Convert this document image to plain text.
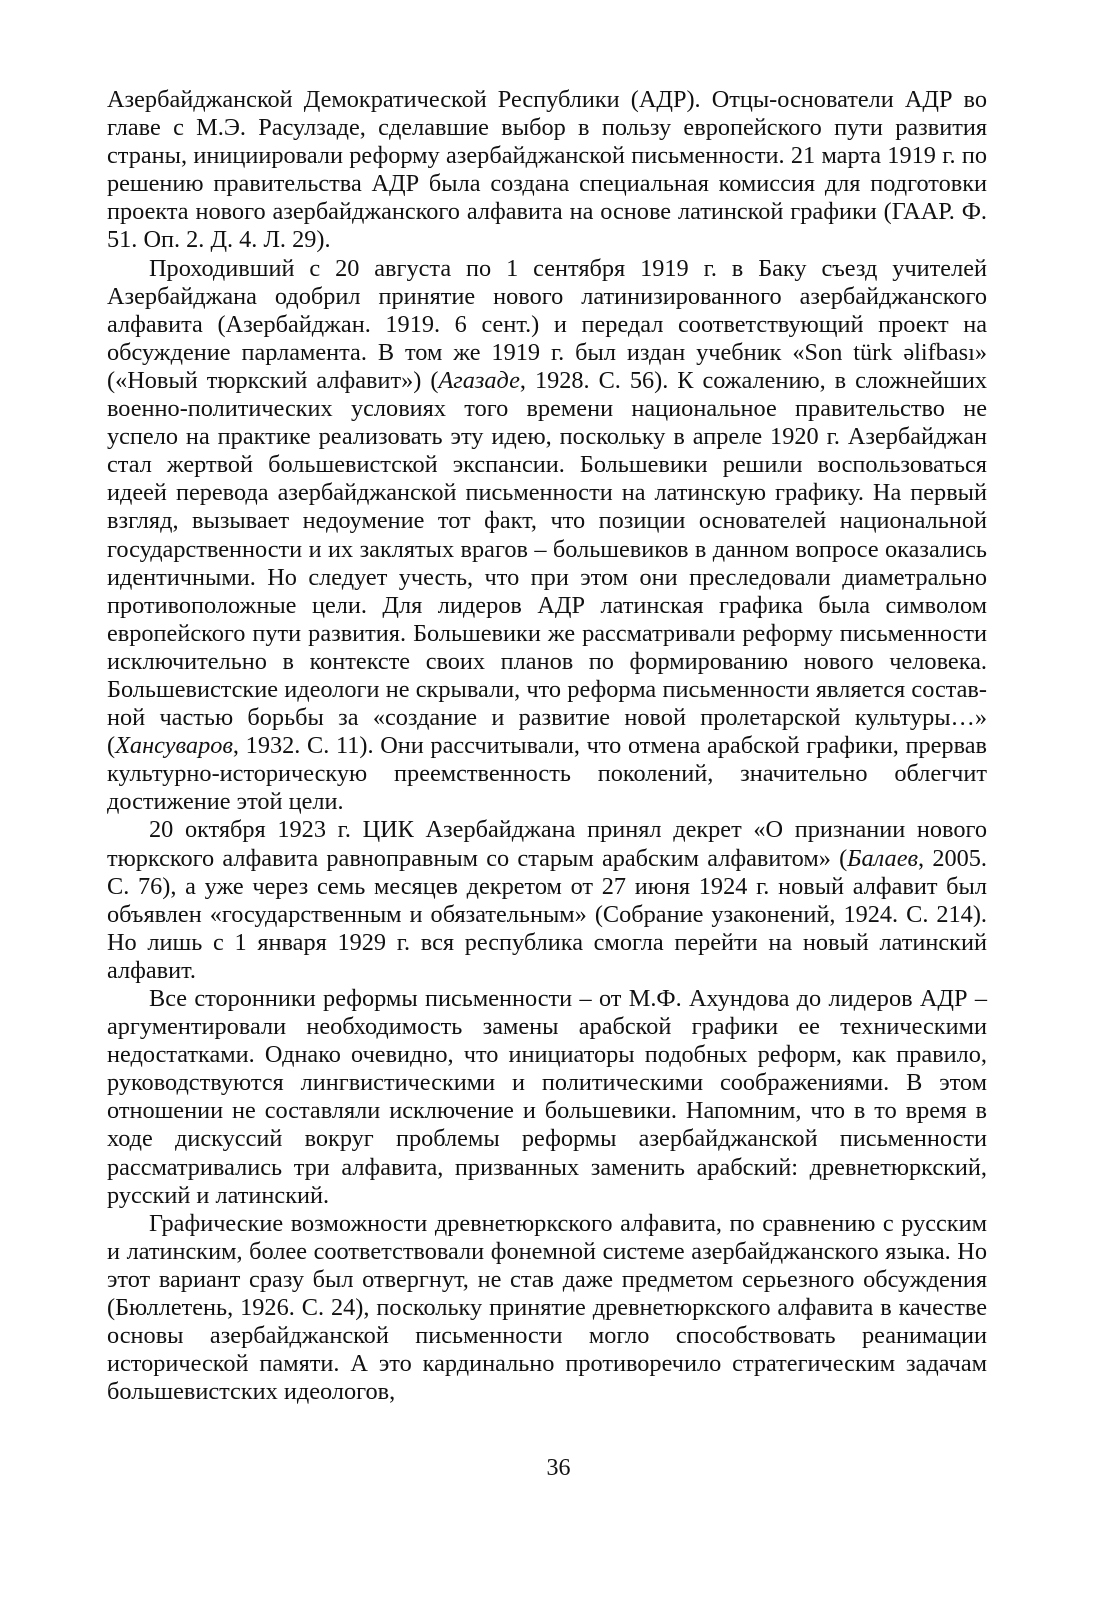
Азербайджанской Демократической Республики (АДР). Отцы-основатели АДР во главе с М.Э. Расулзаде, сделавшие выбор в пользу европейского пути развития страны, инициировали реформу азербайджанской письменности. 21 марта 1919 г. по решению правительства АДР была создана специальная комиссия для подготовки проекта нового азербайджанского алфавита на основе латинской графики (ГААР. Ф. 51. Оп. 2. Д. 4. Л. 29).

Проходивший с 20 августа по 1 сентября 1919 г. в Баку съезд учителей Азербайджана одобрил принятие нового латинизированного азербайджанского алфавита (Азербайджан. 1919. 6 сент.) и передал соответствующий проект на обсуждение парламента. В том же 1919 г. был издан учебник «Son türk əlifbası» («Новый тюркский алфавит») (Агазаде, 1928. С. 56). К сожалению, в сложнейших военно-политических условиях того времени национальное правительство не успело на практике реализовать эту идею, поскольку в апреле 1920 г. Азербайджан стал жертвой большевистской экспансии. Большевики решили воспользоваться идеей перевода азербайджанской письменности на латинскую графику. На первый взгляд, вызывает недоумение тот факт, что позиции основателей национальной государственности и их заклятых врагов – большевиков в данном вопросе оказались идентичными. Но следует учесть, что при этом они преследовали диаметрально противоположные цели. Для лидеров АДР латинская графика была символом европейского пути развития. Большевики же рассматривали реформу письменности исключительно в контексте своих планов по формированию нового человека. Большевистские идеологи не скрывали, что реформа письменности является составной частью борьбы за «создание и развитие новой пролетарской культуры…» (Хансуваров, 1932. С. 11). Они рассчитывали, что отмена арабской графики, прервав культурно-историческую преемственность поколений, значительно облегчит достижение этой цели.

20 октября 1923 г. ЦИК Азербайджана принял декрет «О признании нового тюркского алфавита равноправным со старым арабским алфавитом» (Балаев, 2005. С. 76), а уже через семь месяцев декретом от 27 июня 1924 г. новый алфавит был объявлен «государственным и обязательным» (Собрание узаконений, 1924. С. 214). Но лишь с 1 января 1929 г. вся республика смогла перейти на новый латинский алфавит.

Все сторонники реформы письменности – от М.Ф. Ахундова до лидеров АДР – аргументировали необходимость замены арабской графики ее техническими недостатками. Однако очевидно, что инициаторы подобных реформ, как правило, руководствуются лингвистическими и политическими соображениями. В этом отношении не составляли исключение и большевики. Напомним, что в то время в ходе дискуссий вокруг проблемы реформы азербайджанской письменности рассматривались три алфавита, призванных заменить арабский: древнетюркский, русский и латинский.

Графические возможности древнетюркского алфавита, по сравнению с русским и латинским, более соответствовали фонемной системе азербайджанского языка. Но этот вариант сразу был отвергнут, не став даже предметом серьезного обсуждения (Бюллетень, 1926. С. 24), поскольку принятие древнетюркского алфавита в качестве основы азербайджанской письменности могло способствовать реанимации исторической памяти. А это кардинально противоречило стратегическим задачам большевистских идеологов,

36
